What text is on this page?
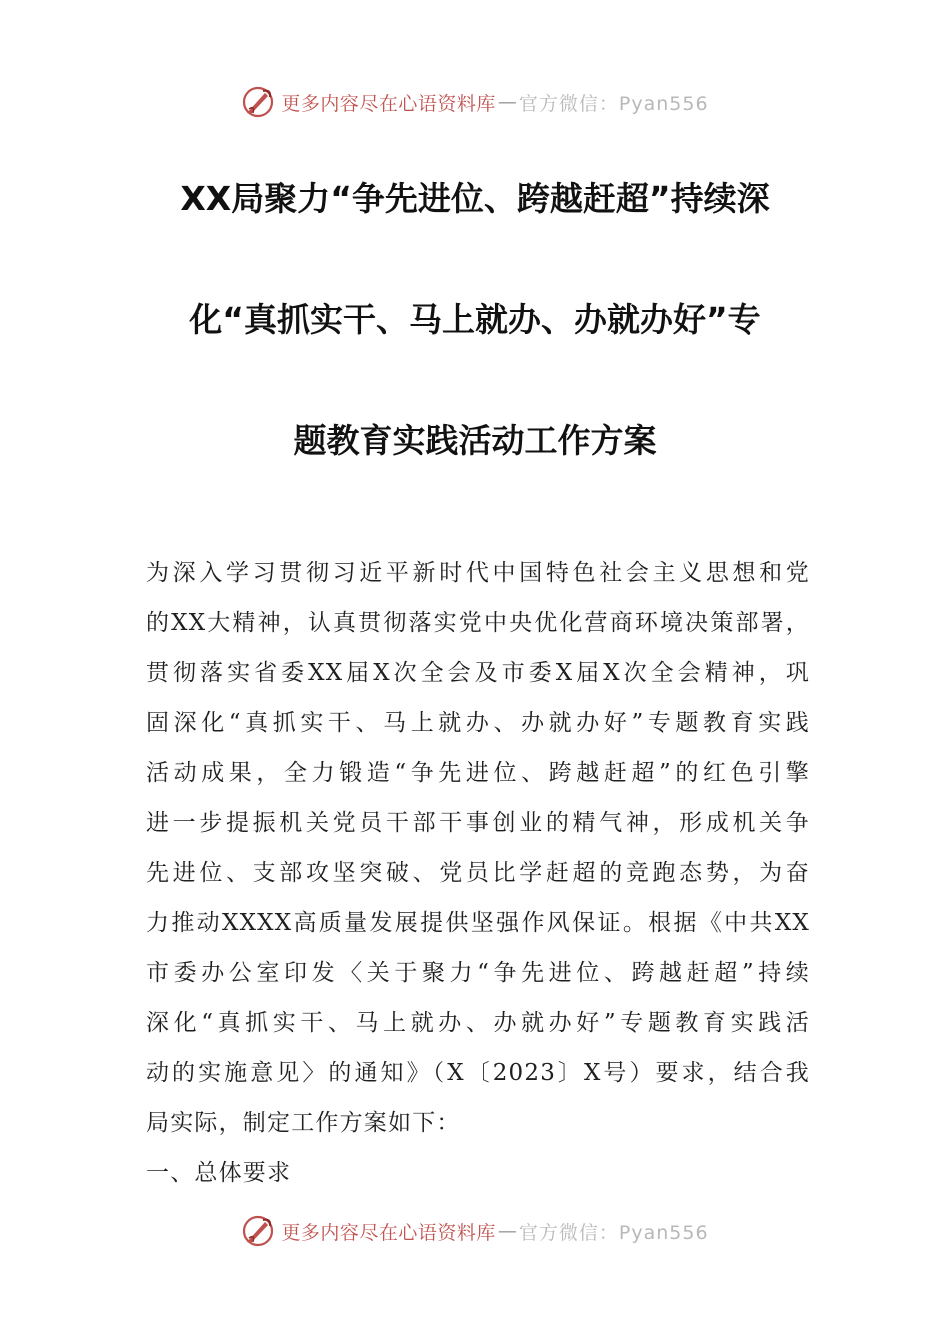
更多内容尽在心语资料库 — 官方微信：Pyan556
XX局聚力“争先进位、跨越赶超”持续深
化“真抓实干、马上就办、办就办好”专
题教育实践活动工作方案
为深入学习贯彻习近平新时代中国特色社会主义思想和党
的XX大精神，认真贯彻落实党中央优化营商环境决策部署，
贯彻落实省委XX届X次全会及市委X届X次全会精神，巩
固深化“真抓实干、马上就办、办就办好”专题教育实践
活动成果，全力锻造“争先进位、跨越赶超”的红色引擎
进一步提振机关党员干部干事创业的精气神，形成机关争
先进位、支部攻坚突破、党员比学赶超的竞跑态势，为奋
力推动XXXX高质量发展提供坚强作风保证。根据《中共XX
市委办公室印发〈关于聚力“争先进位、跨越赶超”持续
深化“真抓实干、马上就办、办就办好”专题教育实践活
动的实施意见〉的通知》（X〔2023〕X号）要求，结合我
局实际，制定工作方案如下：
一、总体要求
更多内容尽在心语资料库 — 官方微信：Pyan556
